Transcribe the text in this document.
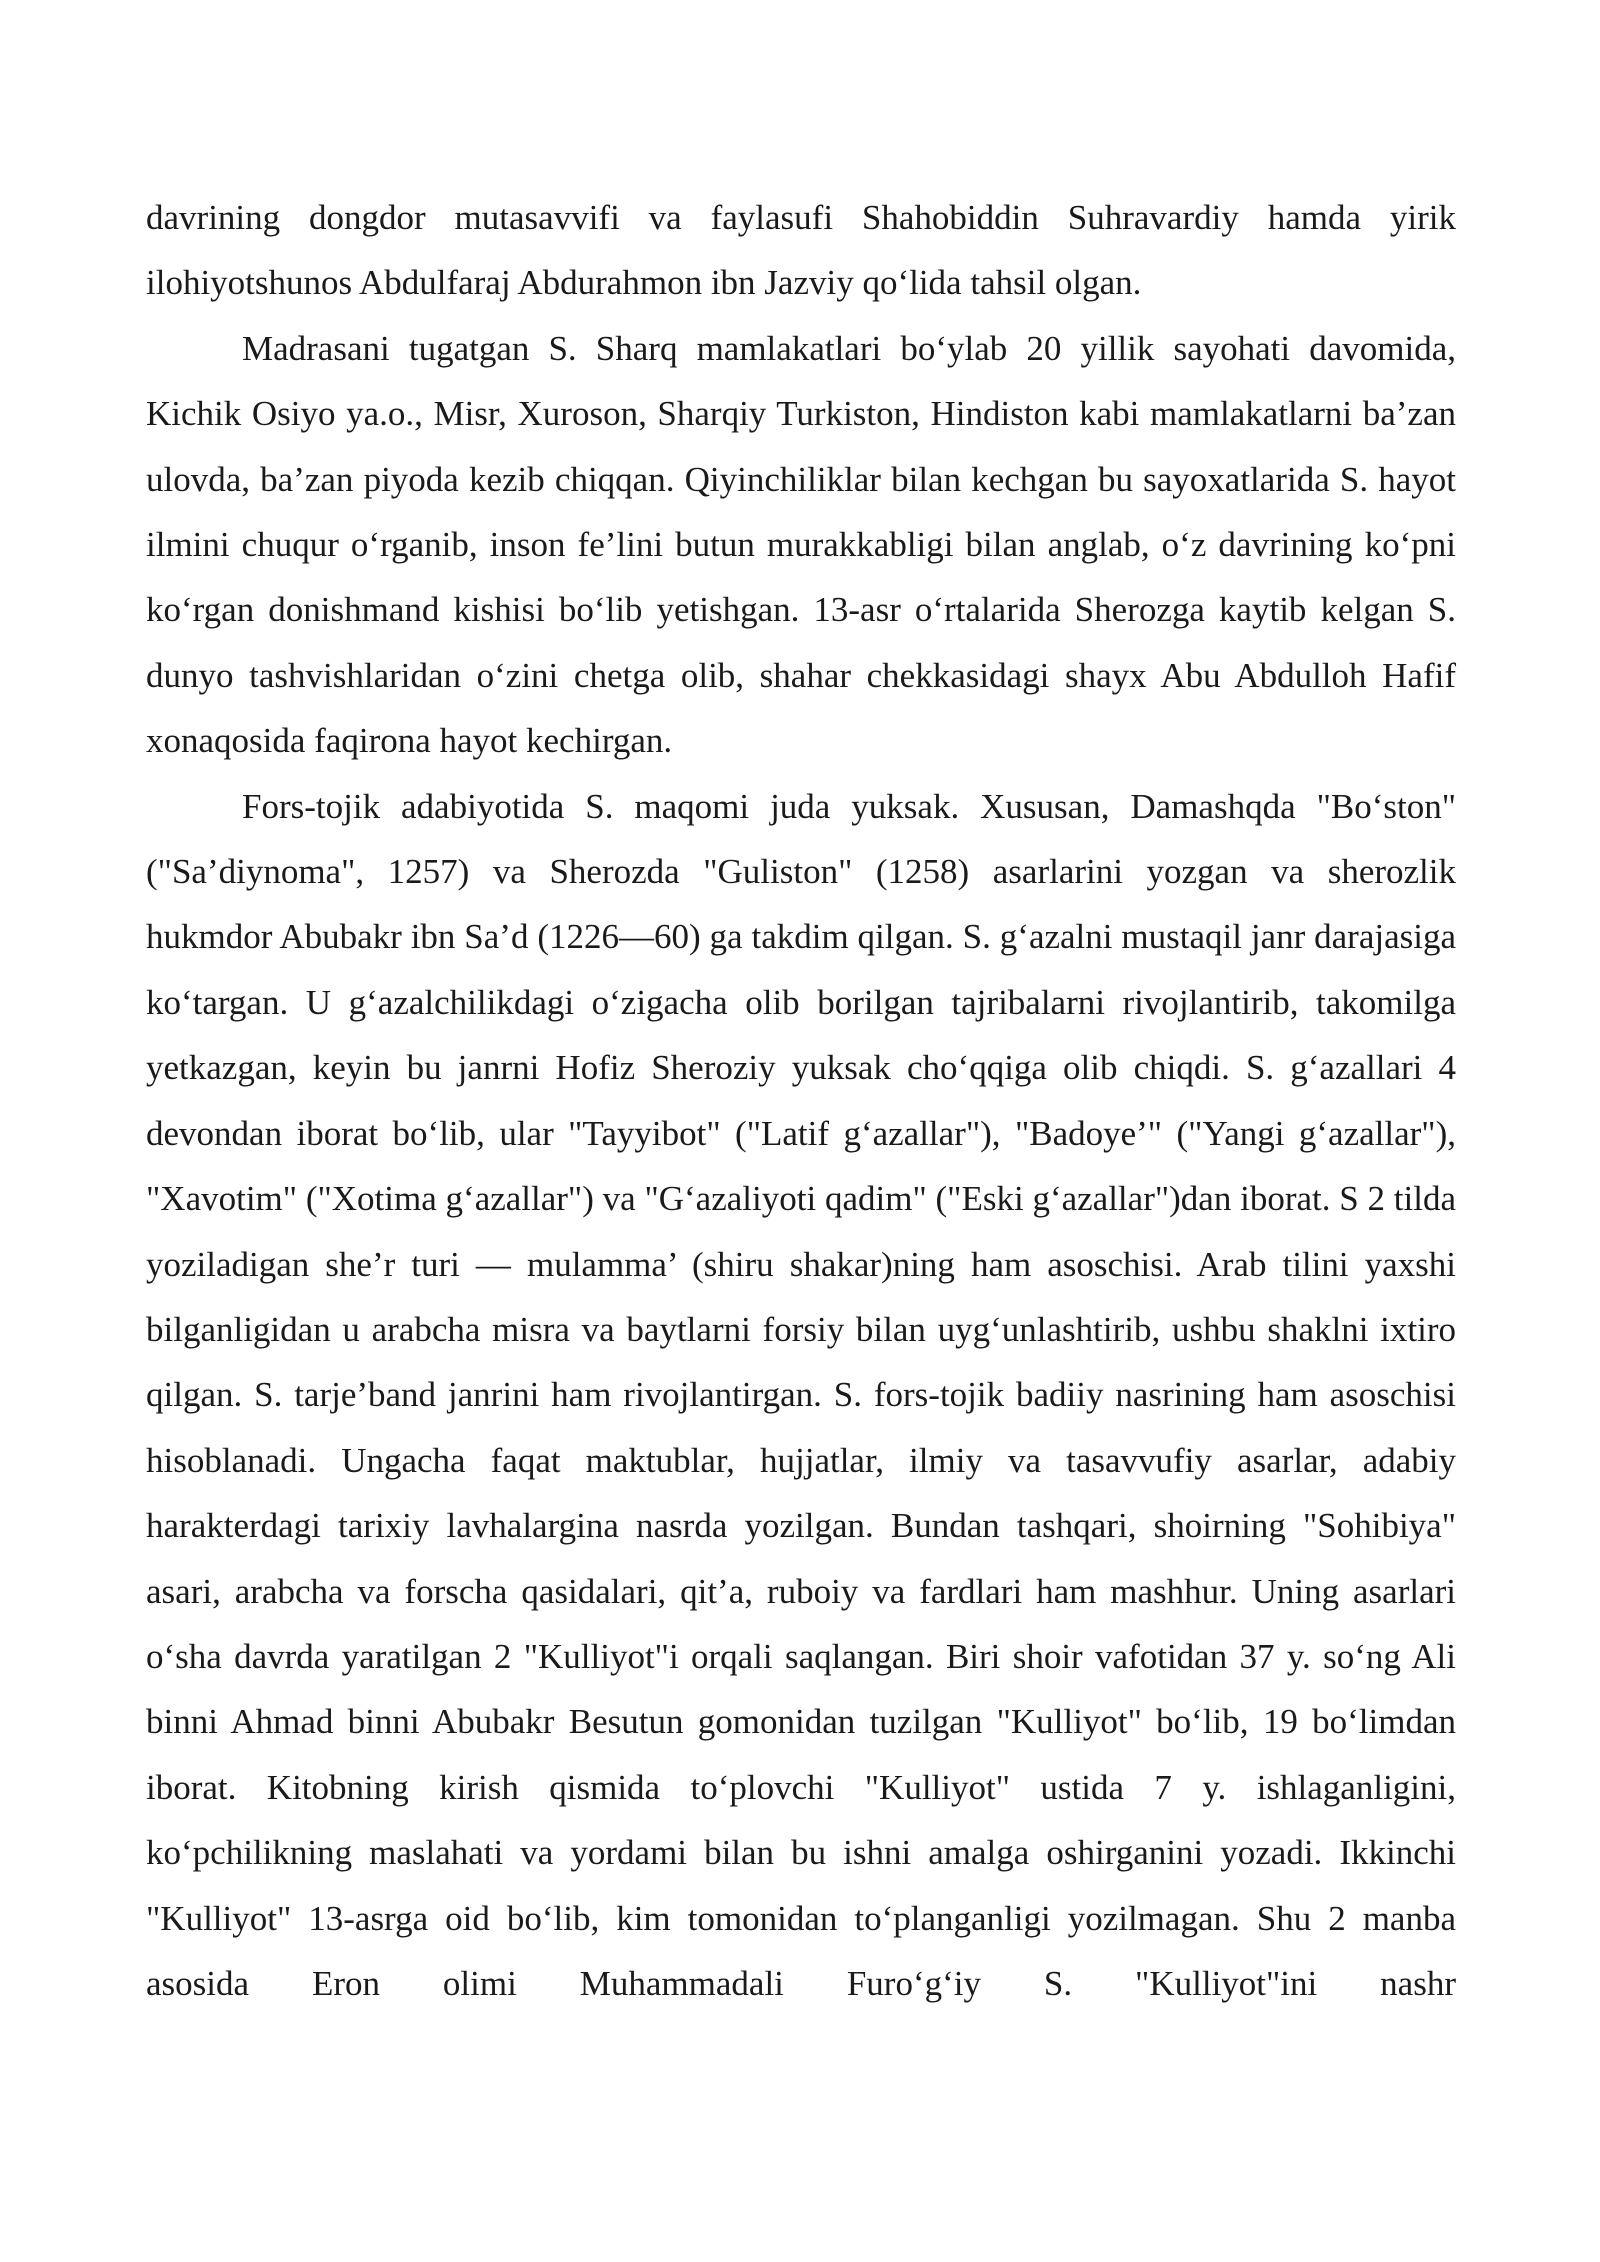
davrining dongdor mutasavvifi va faylasufi Shahobiddin Suhravardiy hamda yirik ilohiyotshunos Abdulfaraj Abdurahmon ibn Jazviy qo‘lida tahsil olgan.

Madrasani tugatgan S. Sharq mamlakatlari bo‘ylab 20 yillik sayohati davomida, Kichik Osiyo ya.o., Misr, Xuroson, Sharqiy Turkiston, Hindiston kabi mamlakatlarni ba’zan ulovda, ba’zan piyoda kezib chiqqan. Qiyinchiliklar bilan kechgan bu sayoxatlarida S. hayot ilmini chuqur o‘rganib, inson fe’lini butun murakkabligi bilan anglab, o‘z davrining ko‘pni ko‘rgan donishmand kishisi bo‘lib yetishgan. 13-asr o‘rtalarida Sherozga kaytib kelgan S. dunyo tashvishlaridan o‘zini chetga olib, shahar chekkasidagi shayx Abu Abdulloh Hafif xonaqosida faqirona hayot kechirgan.

Fors-tojik adabiyotida S. maqomi juda yuksak. Xususan, Damashqda "Bo‘ston" ("Sa’diynoma", 1257) va Sherozda "Guliston" (1258) asarlarini yozgan va sherozlik hukmdor Abubakr ibn Sa’d (1226—60) ga takdim qilgan. S. g‘azalni mustaqil janr darajasiga ko‘targan. U g‘azalchilikdagi o‘zigacha olib borilgan tajribalarni rivojlantirib, takomilga yetkazgan, keyin bu janrni Hofiz Sheroziy yuksak cho‘qqiga olib chiqdi. S. g‘azallari 4 devondan iborat bo‘lib, ular "Tayyibot" ("Latif g‘azallar"), "Badoye’" ("Yangi g‘azallar"), "Xavotim" ("Xotima g‘azallar") va "G‘azaliyoti qadim" ("Eski g‘azallar")dan iborat. S 2 tilda yoziladigan she’r turi — mulamma’ (shiru shakar)ning ham asoschisi. Arab tilini yaxshi bilganligidan u arabcha misra va baytlarni forsiy bilan uyg‘unlashtirib, ushbu shaklni ixtiro qilgan. S. tarje’band janrini ham rivojlantirgan. S. fors-tojik badiiy nasrining ham asoschisi hisoblanadi. Ungacha faqat maktublar, hujjatlar, ilmiy va tasavvufiy asarlar, adabiy harakterdagi tarixiy lavhalargina nasrda yozilgan. Bundan tashqari, shoirning "Sohibiya" asari, arabcha va forscha qasidalari, qit’a, ruboiy va fardlari ham mashhur. Uning asarlari o‘sha davrda yaratilgan 2 "Kulliyot"i orqali saqlangan. Biri shoir vafotidan 37 y. so‘ng Ali binni Ahmad binni Abubakr Besutun gomonidan tuzilgan "Kulliyot" bo‘lib, 19 bo‘limdan iborat. Kitobning kirish qismida to‘plovchi "Kulliyot" ustida 7 y. ishlaganligini, ko‘pchilikning maslahati va yordami bilan bu ishni amalga oshirganini yozadi. Ikkinchi "Kulliyot" 13-asrga oid bo‘lib, kim tomonidan to‘planganligi yozilmagan. Shu 2 manba asosida Eron olimi Muhammadali Furo‘g‘iy S. "Kulliyot"ini nashr
